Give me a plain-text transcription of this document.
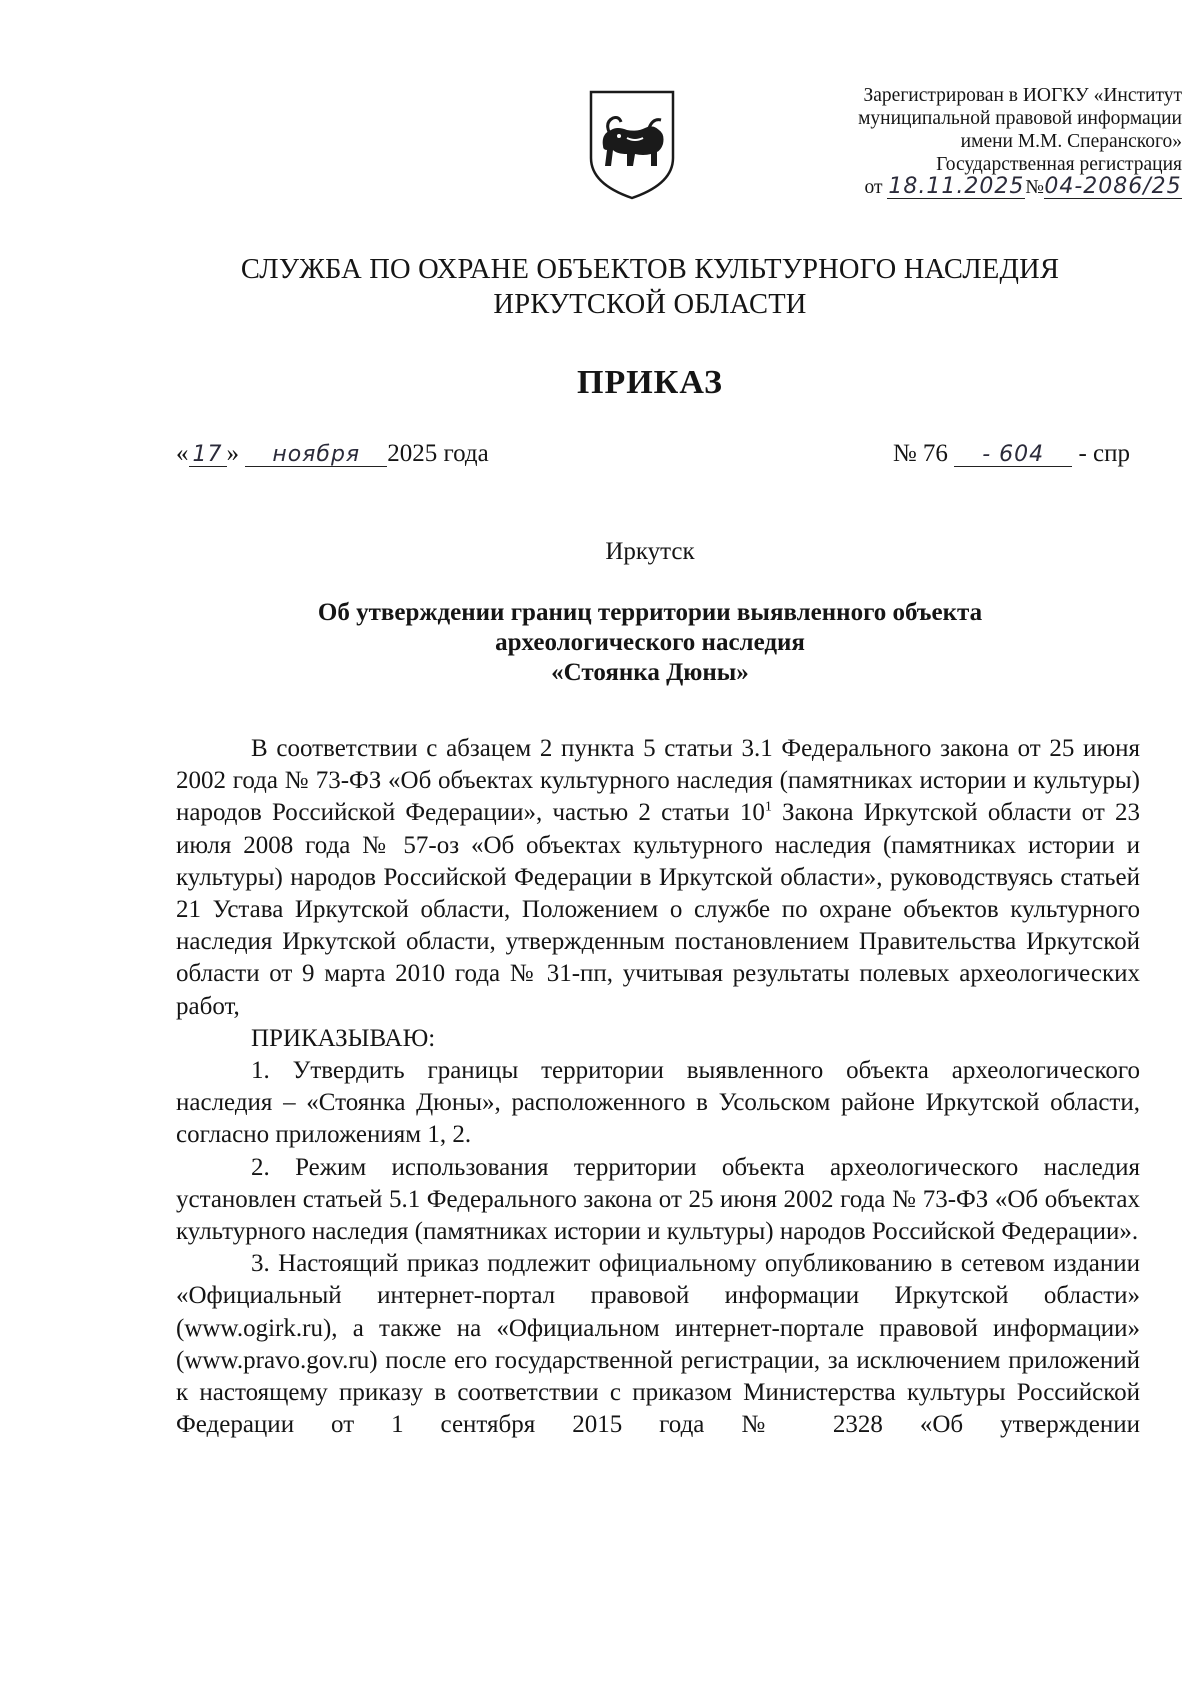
Зарегистрирован в ИОГКУ «Институт
муниципальной правовой информации
имени М.М. Сперанского»
Государственная регистрация
от 18.11.2025№04-2086/25
СЛУЖБА ПО ОХРАНЕ ОБЪЕКТОВ КУЛЬТУРНОГО НАСЛЕДИЯ
ИРКУТСКОЙ ОБЛАСТИ
ПРИКАЗ
« 17 » ноября 2025 года	№ 76 - 604 - спр
Иркутск
Об утверждении границ территории выявленного объекта
археологического наследия
«Стоянка Дюны»

В соответствии с абзацем 2 пункта 5 статьи 3.1 Федерального закона от 25 июня 2002 года № 73-ФЗ «Об объектах культурного наследия (памятниках истории и культуры) народов Российской Федерации», частью 2 статьи $10^1$ Закона Иркутской области от 23 июля 2008 года № 57-оз «Об объектах культурного наследия (памятниках истории и культуры) народов Российской Федерации в Иркутской области», руководствуясь статьей 21 Устава Иркутской области, Положением о службе по охране объектов культурного наследия Иркутской области, утвержденным постановлением Правительства Иркутской области от 9 марта 2010 года № 31-пп, учитывая результаты полевых археологических работ,

ПРИКАЗЫВАЮ:

1. Утвердить границы территории выявленного объекта археологического наследия – «Стоянка Дюны», расположенного в Усольском районе Иркутской области, согласно приложениям 1, 2.

2. Режим использования территории объекта археологического наследия установлен статьей 5.1 Федерального закона от 25 июня 2002 года № 73-ФЗ «Об объектах культурного наследия (памятниках истории и культуры) народов Российской Федерации».

3. Настоящий приказ подлежит официальному опубликованию в сетевом издании «Официальный интернет-портал правовой информации Иркутской области» (www.ogirk.ru), а также на «Официальном интернет-портале правовой информации» (www.pravo.gov.ru) после его государственной регистрации, за исключением приложений к настоящему приказу в соответствии с приказом Министерства культуры Российской Федерации от 1 сентября 2015 года № 2328 «Об утверждении
